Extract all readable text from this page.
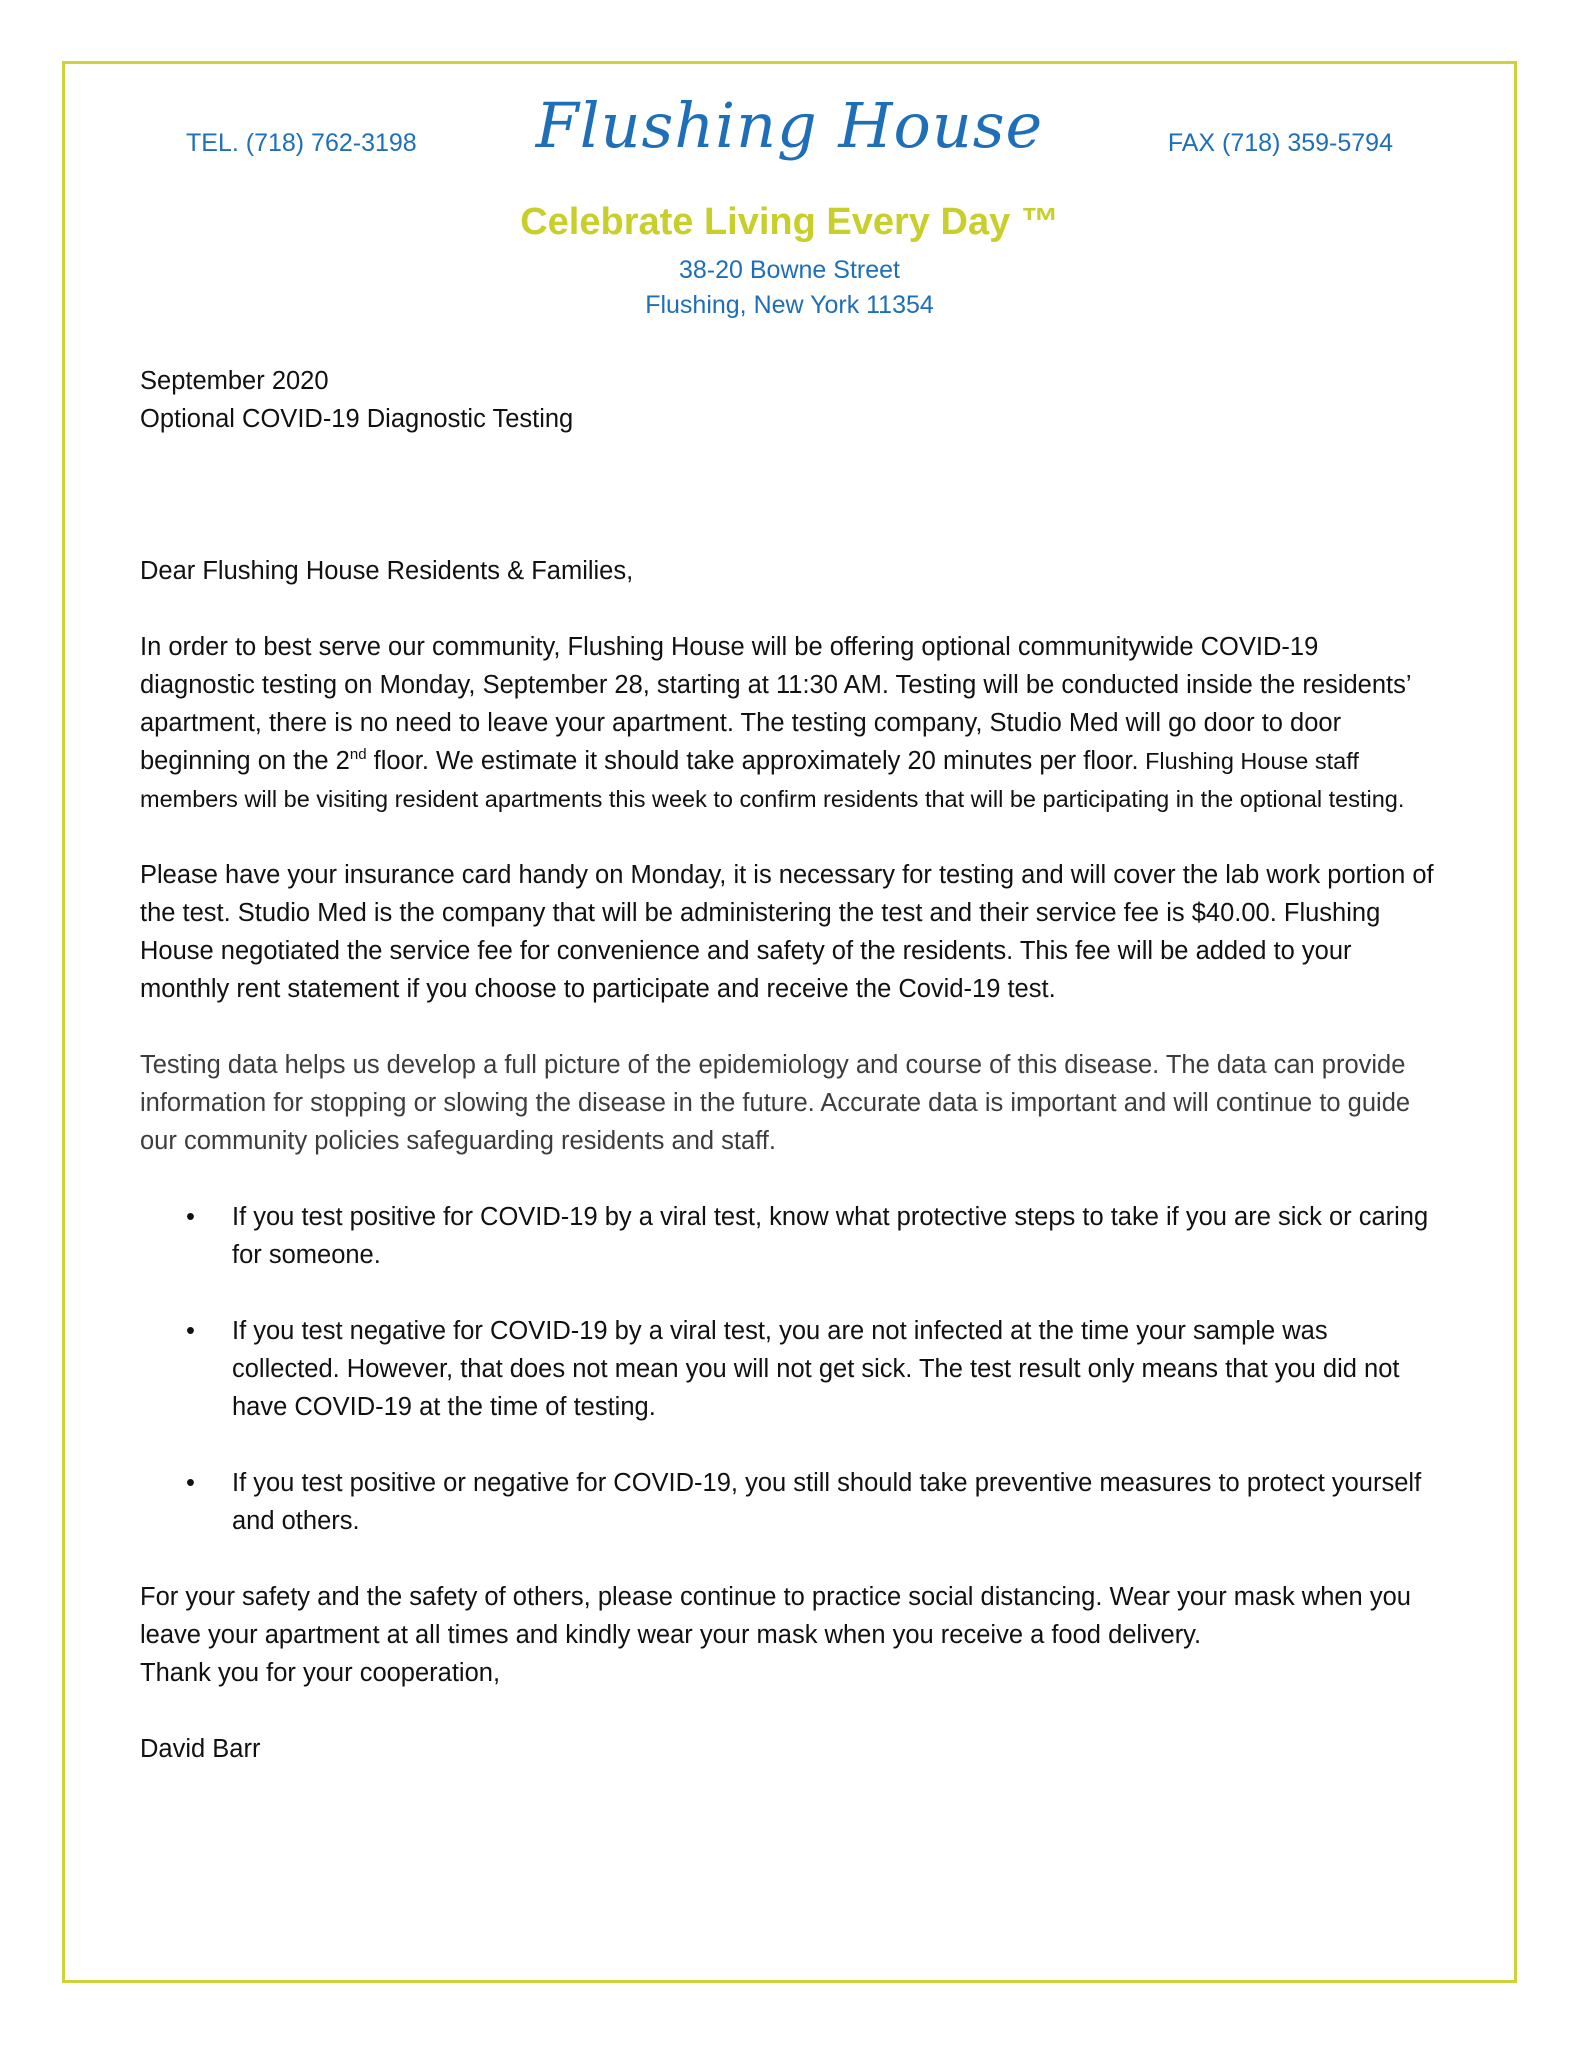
TEL. (718) 762-3198	Flushing House	FAX (718) 359-5794
Celebrate Living Every Day ™
38-20 Bowne Street
Flushing, New York 11354

September 2020

Optional COVID-19 Diagnostic Testing

Dear Flushing House Residents & Families,

In order to best serve our community, Flushing House will be offering optional communitywide COVID-19 diagnostic testing on Monday, September 28, starting at 11:30 AM. Testing will be conducted inside the residents’ apartment, there is no need to leave your apartment. The testing company, Studio Med will go door to door beginning on the 2nd floor. We estimate it should take approximately 20 minutes per floor. Flushing House staff members will be visiting resident apartments this week to confirm residents that will be participating in the optional testing.

Please have your insurance card handy on Monday, it is necessary for testing and will cover the lab work portion of the test. Studio Med is the company that will be administering the test and their service fee is $40.00. Flushing House negotiated the service fee for convenience and safety of the residents. This fee will be added to your monthly rent statement if you choose to participate and receive the Covid-19 test.

Testing data helps us develop a full picture of the epidemiology and course of this disease. The data can provide information for stopping or slowing the disease in the future. Accurate data is important and will continue to guide our community policies safeguarding residents and staff.

• If you test positive for COVID-19 by a viral test, know what protective steps to take if you are sick or caring for someone.
• If you test negative for COVID-19 by a viral test, you are not infected at the time your sample was collected. However, that does not mean you will not get sick. The test result only means that you did not have COVID-19 at the time of testing.
• If you test positive or negative for COVID-19, you still should take preventive measures to protect yourself and others.

For your safety and the safety of others, please continue to practice social distancing. Wear your mask when you leave your apartment at all times and kindly wear your mask when you receive a food delivery.

Thank you for your cooperation,

David Barr
